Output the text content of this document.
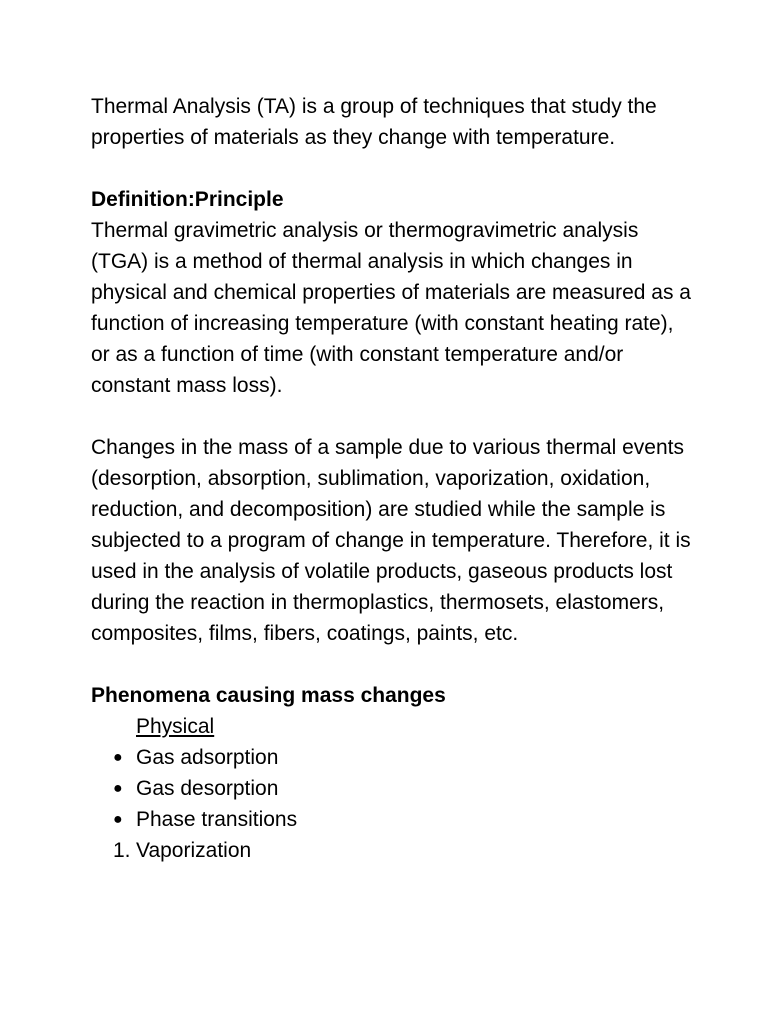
Thermal Analysis (TA) is a group of techniques that study the properties of materials as they change with temperature.

Definition:Principle

Thermal gravimetric analysis or thermogravimetric analysis (TGA) is a method of thermal analysis in which changes in physical and chemical properties of materials are measured as a function of increasing temperature (with constant heating rate), or as a function of time (with constant temperature and/or constant mass loss).

Changes in the mass of a sample due to various thermal events (desorption, absorption, sublimation, vaporization, oxidation, reduction, and decomposition) are studied while the sample is subjected to a program of change in temperature. Therefore, it is used in the analysis of volatile products, gaseous products lost during the reaction in thermoplastics, thermosets, elastomers, composites, films, fibers, coatings, paints, etc.

Phenomena causing mass changes

Physical

● Gas adsorption
● Gas desorption
● Phase transitions
1. Vaporization
